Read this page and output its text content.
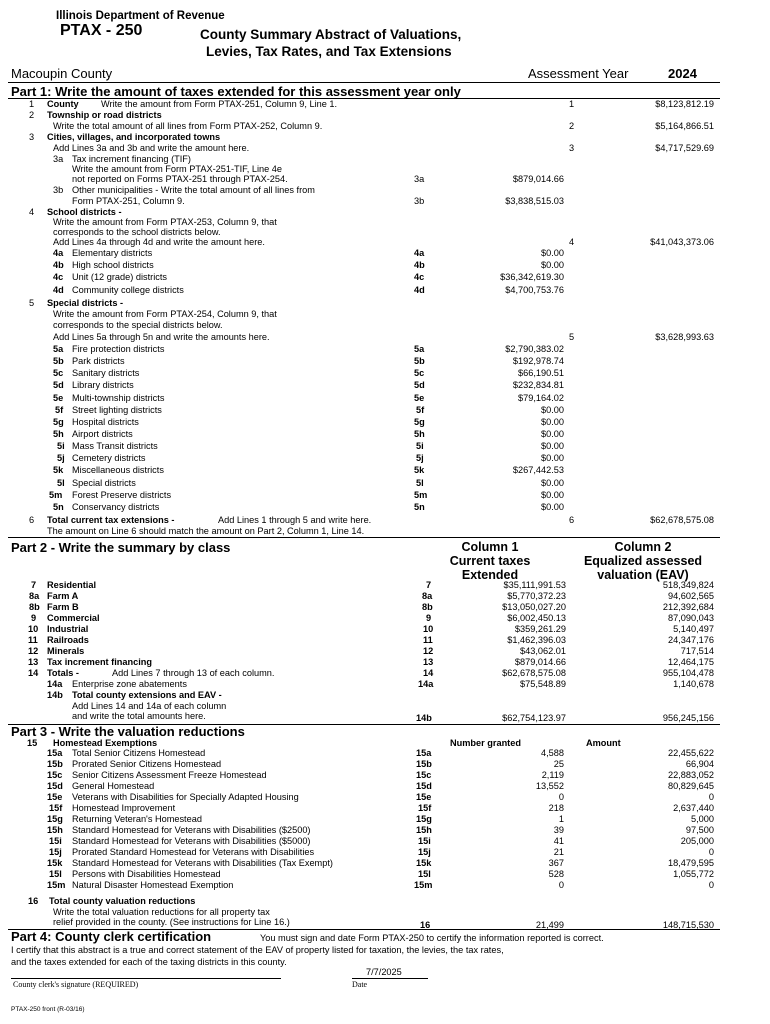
Illinois Department of Revenue
PTAX - 250	County Summary Abstract of Valuations,
Levies, Tax Rates, and Tax Extensions
Macoupin County	Assessment Year	2024
Part 1: Write the amount of taxes extended for this assessment year only
1 County Write the amount from Form PTAX-251, Column 9, Line 1.	1	$8,123,812.19
2 Township or road districts
Write the total amount of all lines from Form PTAX-252, Column 9.	2	$5,164,866.51
3 Cities, villages, and incorporated towns
Add Lines 3a and 3b and write the amount here.	3	$4,717,529.69
3a Tax increment financing (TIF)
Write the amount from Form PTAX-251-TIF, Line 4e
not reported on Forms PTAX-251 through PTAX-254.	3a	$879,014.66
3b Other municipalities - Write the total amount of all lines from
Form PTAX-251, Column 9.	3b	$3,838,515.03
4 School districts -
Write the amount from Form PTAX-253, Column 9, that
corresponds to the school districts below.
Add Lines 4a through 4d and write the amount here.	4	$41,043,373.06
4a Elementary districts	4a	$0.00
4b High school districts	4b	$0.00
4c Unit (12 grade) districts	4c	$36,342,619.30
4d Community college districts	4d	$4,700,753.76
5 Special districts -
Write the amount from Form PTAX-254, Column 9, that
corresponds to the special districts below.
Add Lines 5a through 5n and write the amounts here.	5	$3,628,993.63
5a Fire protection districts	5a	$2,790,383.02
5b Park districts	5b	$192,978.74
5c Sanitary districts	5c	$66,190.51
5d Library districts	5d	$232,834.81
5e Multi-township districts	5e	$79,164.02
5f Street lighting districts	5f	$0.00
5g Hospital districts	5g	$0.00
5h Airport districts	5h	$0.00
5i Mass Transit districts	5i	$0.00
5j Cemetery districts	5j	$0.00
5k Miscellaneous districts	5k	$267,442.53
5l Special districts	5l	$0.00
5m Forest Preserve districts	5m	$0.00
5n Conservancy districts	5n	$0.00
6 Total current tax extensions -	Add Lines 1 through 5 and write here.	6	$62,678,575.08
The amount on Line 6 should match the amount on Part 2, Column 1, Line 14.
Part 2 - Write the summary by class	Column 1
Current taxes
Extended
Column 2
Equalized assessed
valuation (EAV)
7 Residential	7	$35,111,991.53	518,349,824
8a Farm A	8a	$5,770,372.23	94,602,565
8b Farm B	8b	$13,050,027.20	212,392,684
9 Commercial	9	$6,002,450.13	87,090,043
10 Industrial	10	$359,261.29	5,140,497
11 Railroads	11	$1,462,396.03	24,347,176
12 Minerals	12	$43,062.01	717,514
13 Tax increment financing	13	$879,014.66	12,464,175
14 Totals -	Add Lines 7 through 13 of each column.	14	$62,678,575.08	955,104,478
14a Enterprise zone abatements	14a	$75,548.89	1,140,678
14b Total county extensions and EAV -
Add Lines 14 and 14a of each column
and write the total amounts here.	14b	$62,754,123.97	956,245,156
Part 3 - Write the valuation reductions
15 Homestead Exemptions	Number granted	Amount
15a Total Senior Citizens Homestead	15a	4,588	22,455,622
15b Prorated Senior Citizens Homestead	15b	25	66,904
15c Senior Citizens Assessment Freeze Homestead	15c	2,119	22,883,052
15d General Homestead	15d	13,552	80,829,645
15e Veterans with Disabilities for Specially Adapted Housing	15e	0	0
15f Homestead Improvement	15f	218	2,637,440
15g Returning Veteran's Homestead	15g	1	5,000
15h Standard Homestead for Veterans with Disabilities ($2500)	15h	39	97,500
15i Standard Homestead for Veterans with Disabilities ($5000)	15i	41	205,000
15j Prorated Standard Homestead for Veterans with Disabilities	15j	21	0
15k Standard Homestead for Veterans with Disabilities (Tax Exempt)	15k	367	18,479,595
15l Persons with Disabilities Homestead	15l	528	1,055,772
15m Natural Disaster Homestead Exemption	15m	0	0
16 Total county valuation reductions
Write the total valuation reductions for all property tax
relief provided in the county. (See instructions for Line 16.)	16	21,499	148,715,530
Part 4: County clerk certification	You must sign and date Form PTAX-250 to certify the information reported is correct.
I certify that this abstract is a true and correct statement of the EAV of property listed for taxation, the levies, the tax rates,
and the taxes extended for each of the taxing districts in this county.
7/7/2025
County clerk's signature (REQUIRED)	Date
PTAX-250 front (R-03/16)
